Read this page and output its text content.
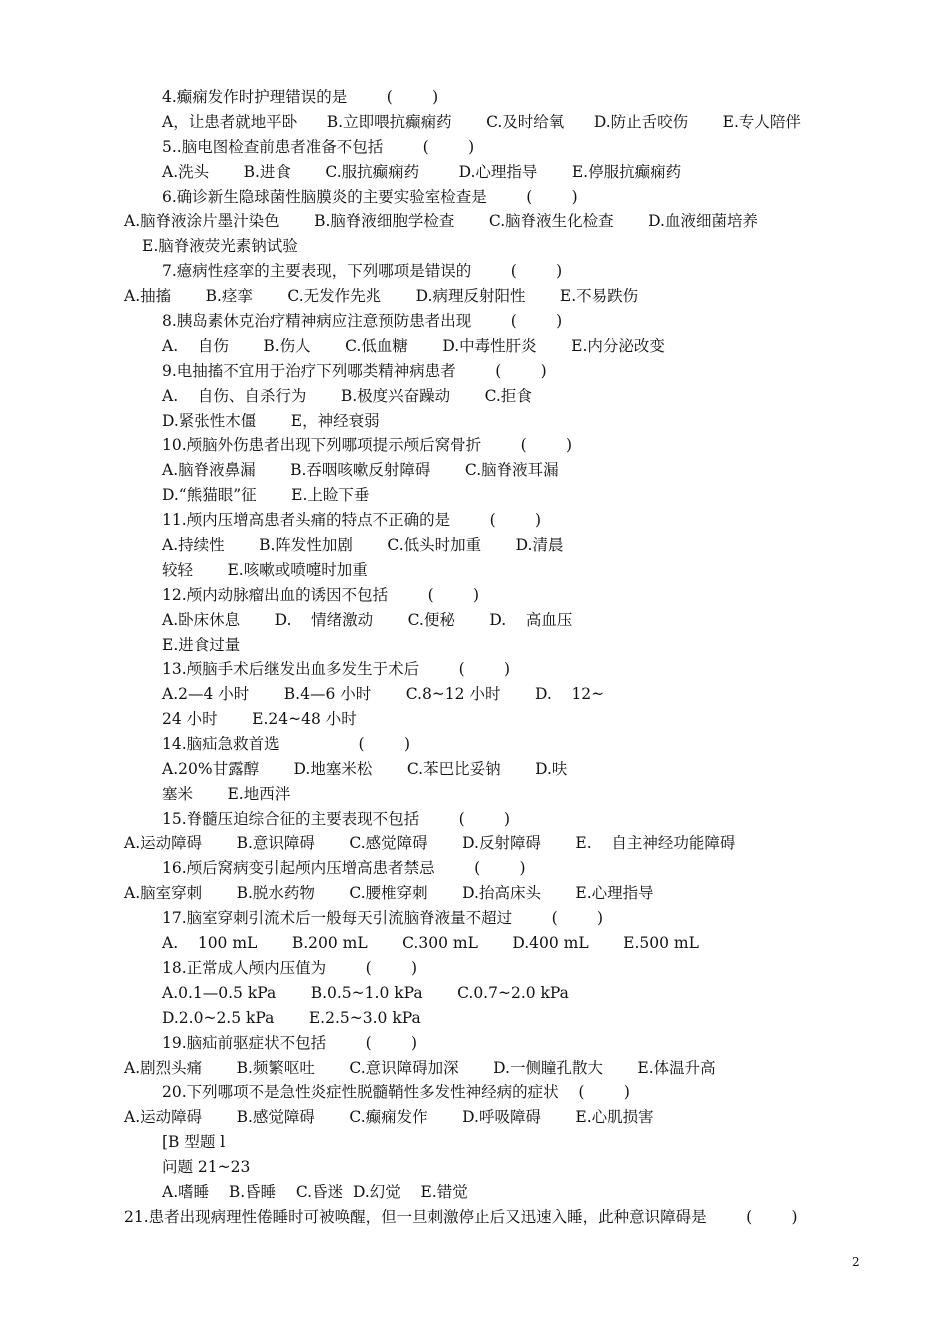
4.癫痫发作时护理错误的是        (        )
A，让患者就地平卧      B.立即喂抗癫痫药       C.及时给氧      D.防止舌咬伤       E.专人陪伴
5..脑电图检查前患者准备不包括        (        )
A.洗头       B.进食       C.服抗癫痫药        D.心理指导       E.停服抗癫痫药
6.确诊新生隐球菌性脑膜炎的主要实验室检查是        (        )
A.脑脊液涂片墨汁染色       B.脑脊液细胞学检查       C.脑脊液生化检查       D.血液细菌培养
E.脑脊液荧光素钠试验
7.癔病性痉挛的主要表现，下列哪项是错误的        (        )
A.抽搐       B.痉挛       C.无发作先兆       D.病理反射阳性       E.不易跌伤
8.胰岛素休克治疗精神病应注意预防患者出现        (        )
A.    自伤       B.伤人       C.低血糖       D.中毒性肝炎       E.内分泌改变
9.电抽搐不宜用于治疗下列哪类精神病患者        (        )
A.    自伤、自杀行为       B.极度兴奋躁动       C.拒食
D.紧张性木僵       E，神经衰弱
10.颅脑外伤患者出现下列哪项提示颅后窝骨折        (        )
A.脑脊液鼻漏       B.吞咽咳嗽反射障碍       C.脑脊液耳漏
D.“熊猫眼”征       E.上睑下垂
11.颅内压增高患者头痛的特点不正确的是        (        )
A.持续性       B.阵发性加剧       C.低头时加重       D.清晨
较轻       E.咳嗽或喷嚏时加重
12.颅内动脉瘤出血的诱因不包括        (        )
A.卧床休息       D.    情绪激动       C.便秘       D.    高血压
E.进食过量
13.颅脑手术后继发出血多发生于术后        (        )
A.2—4 小时       B.4—6 小时       C.8~12 小时       D.    12~
24 小时       E.24~48 小时
14.脑疝急救首选                (        )
A.20%甘露醇       D.地塞米松       C.苯巴比妥钠       D.呋
塞米       E.地西泮
15.脊髓压迫综合征的主要表现不包括        (        )
A.运动障碍       B.意识障碍       C.感觉障碍       D.反射障碍       E.    自主神经功能障碍
16.颅后窝病变引起颅内压增高患者禁忌        (        )
A.脑室穿刺       B.脱水药物       C.腰椎穿刺       D.抬高床头       E.心理指导
17.脑室穿刺引流术后一般每天引流脑脊液量不超过        (        )
A.    100 mL       B.200 mL       C.300 mL       D.400 mL       E.500 mL
18.正常成人颅内压值为        (        )
A.0.1—0.5 kPa       B.0.5~1.0 kPa       C.0.7~2.0 kPa
D.2.0~2.5 kPa       E.2.5~3.0 kPa
19.脑疝前驱症状不包括        (        )
A.剧烈头痛       B.频繁呕吐       C.意识障碍加深       D.一侧瞳孔散大       E.体温升高
20.下列哪项不是急性炎症性脱髓鞘性多发性神经病的症状    (        )
A.运动障碍       B.感觉障碍       C.癫痫发作       D.呼吸障碍       E.心肌损害
[B 型题 l
问题 21~23
A.嗜睡    B.昏睡    C.昏迷  D.幻觉    E.错觉
21.患者出现病理性倦睡时可被唤醒，但一旦刺激停止后又迅速入睡，此种意识障碍是        (        )
2
